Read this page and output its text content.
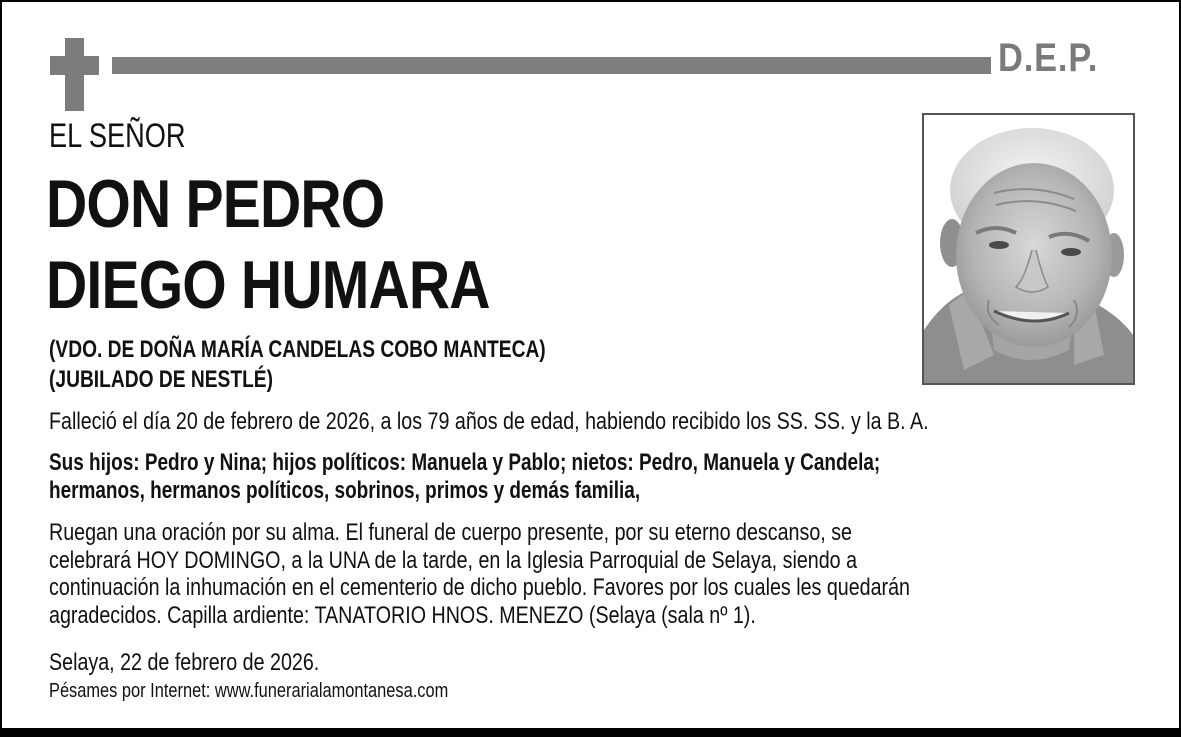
D.E.P.
EL SEÑOR
DON PEDRO
DIEGO HUMARA
(VDO. DE DOÑA MARÍA CANDELAS COBO MANTECA)
(JUBILADO DE NESTLÉ)
Falleció el día 20 de febrero de 2026, a los 79 años de edad, habiendo recibido los SS. SS. y la B. A.
Sus hijos: Pedro y Nina; hijos políticos: Manuela y Pablo; nietos: Pedro, Manuela y Candela;
hermanos, hermanos políticos, sobrinos, primos y demás familia,
Ruegan una oración por su alma. El funeral de cuerpo presente, por su eterno descanso, se
celebrará HOY DOMINGO, a la UNA de la tarde, en la Iglesia Parroquial de Selaya, siendo a
continuación la inhumación en el cementerio de dicho pueblo. Favores por los cuales les quedarán
agradecidos. Capilla ardiente: TANATORIO HNOS. MENEZO (Selaya (sala nº 1).
Selaya, 22 de febrero de 2026.
Pésames por Internet: www.funerarialamontanesa.com
